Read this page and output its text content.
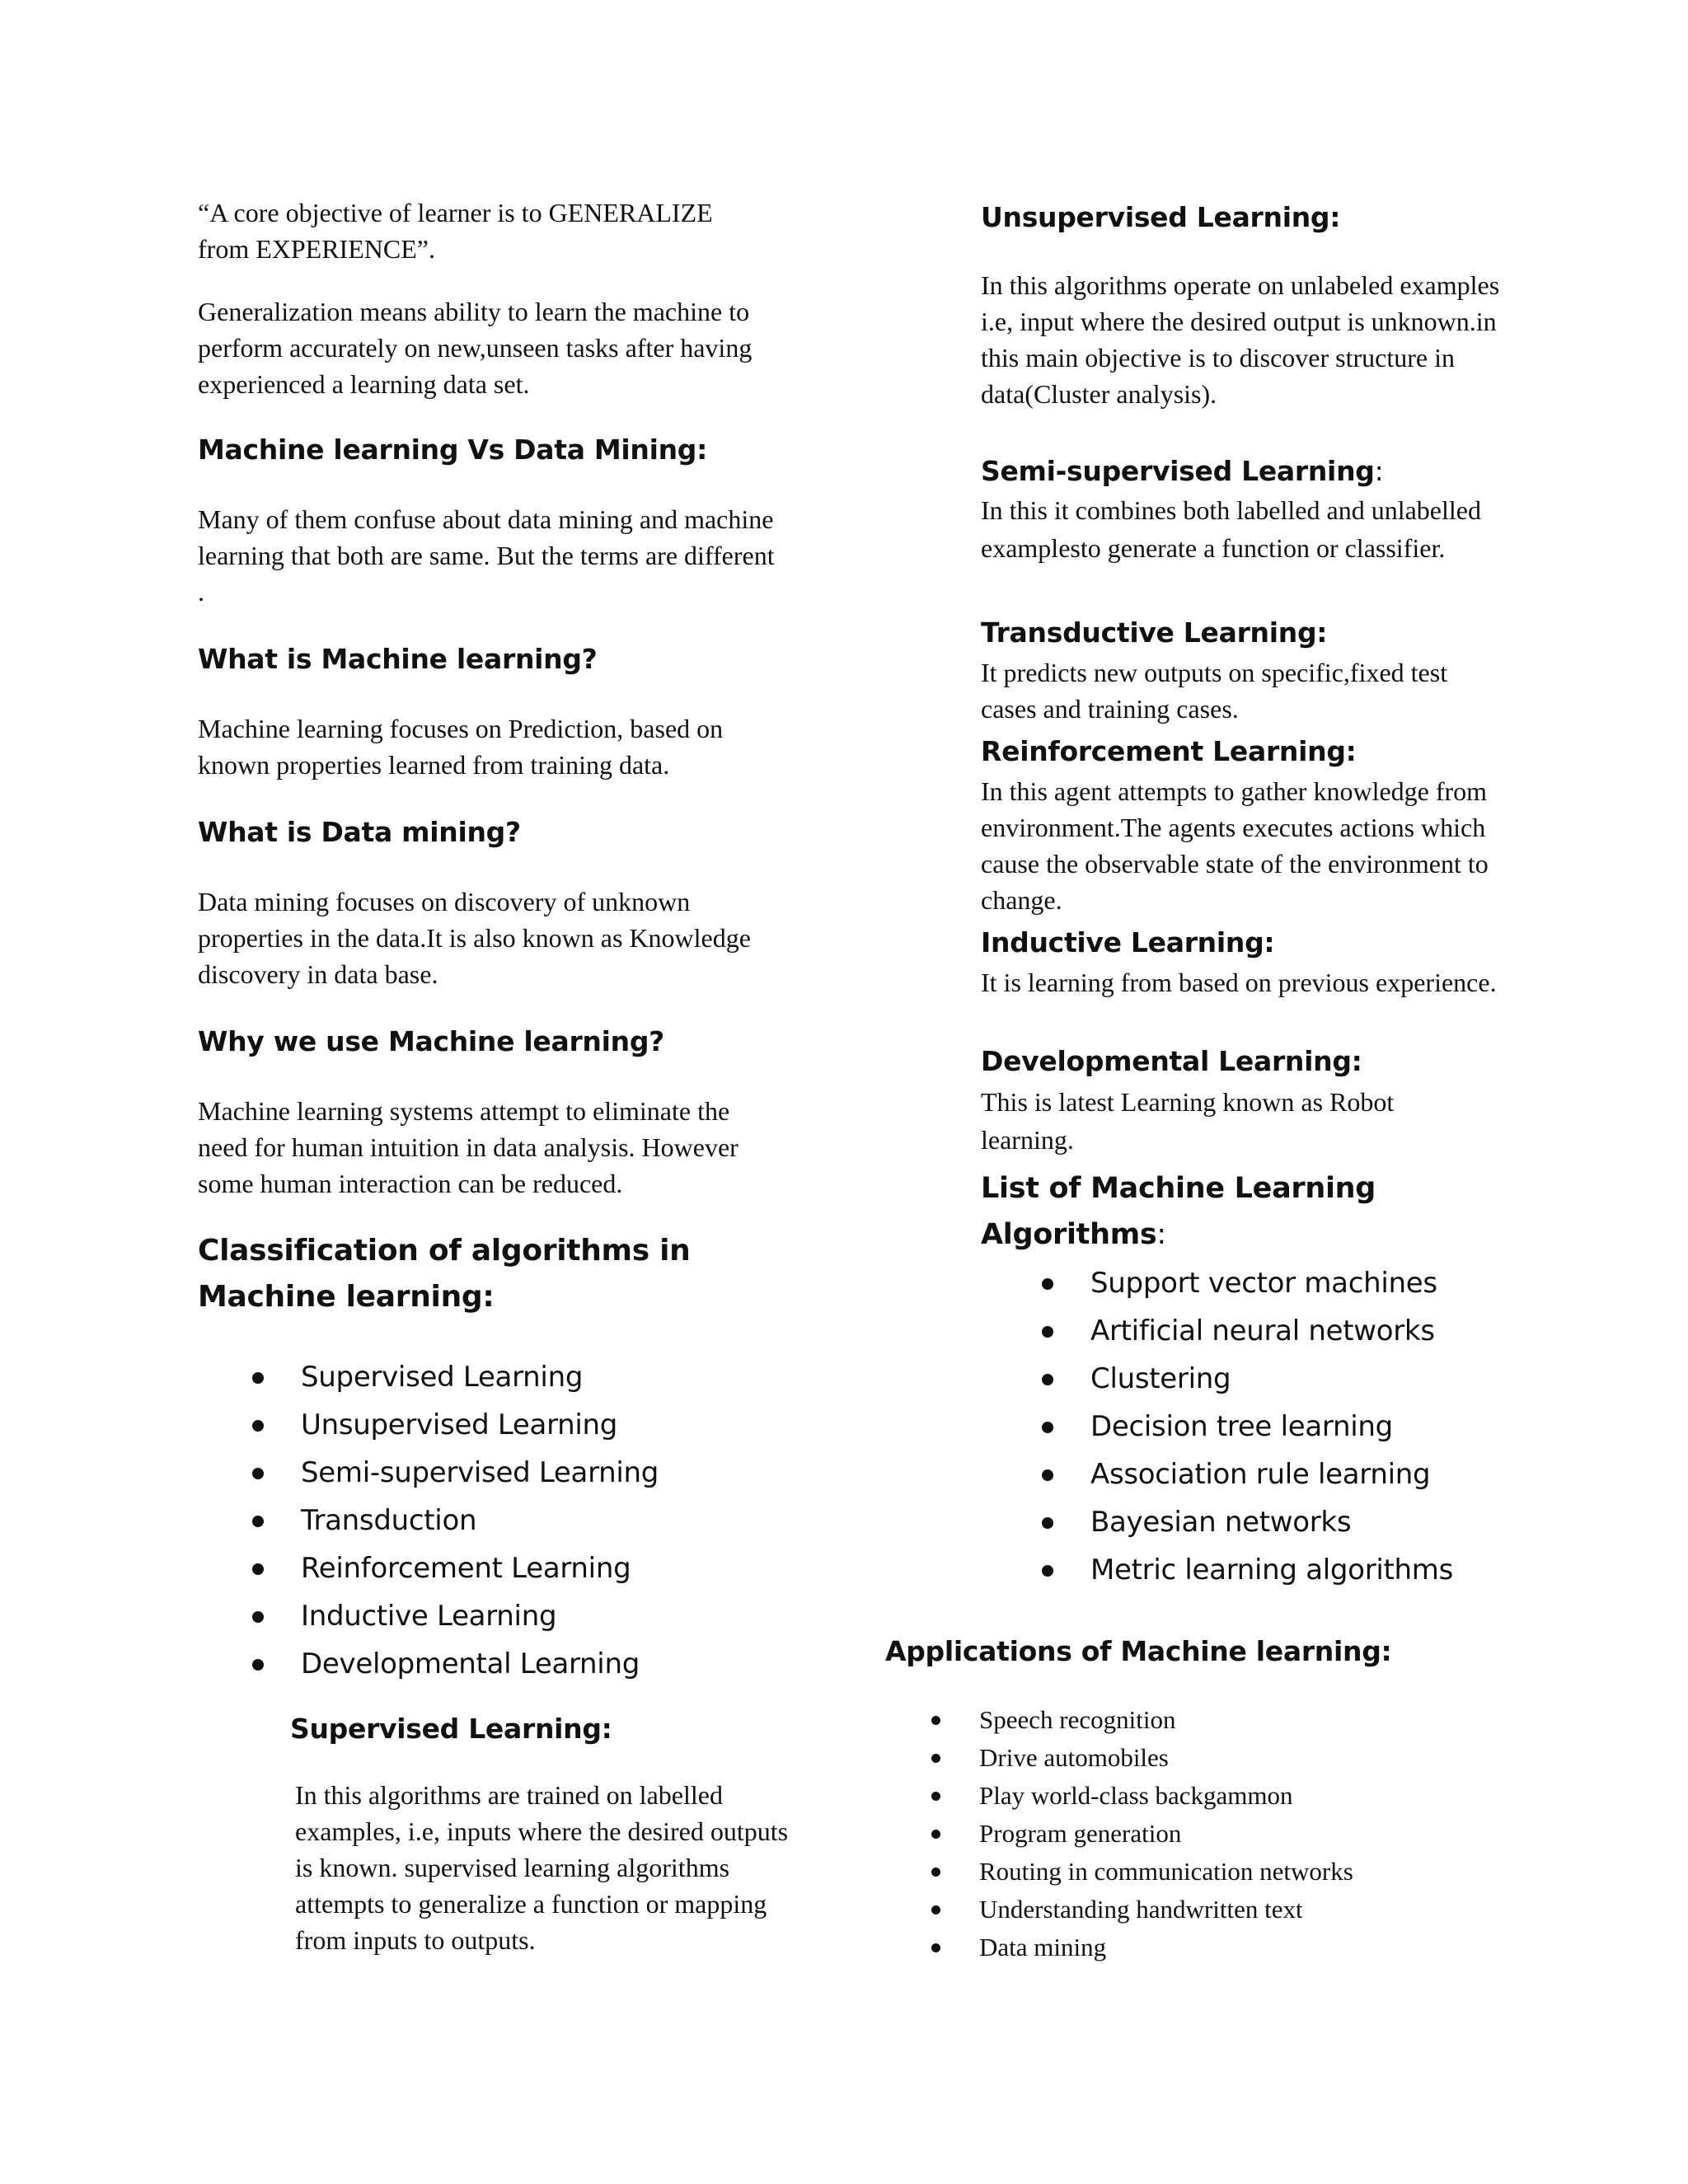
“A core objective of learner is to GENERALIZE from EXPERIENCE”.

Generalization means ability to learn the machine to perform accurately on new,unseen tasks after having experienced a learning data set.

Machine learning Vs Data Mining:

Many of them confuse about data mining and machine learning that both are same. But the terms are different .

What is Machine learning?

Machine learning focuses on Prediction, based on known properties learned from training data.

What is Data mining?

Data mining focuses on discovery of unknown properties in the data.It is also known as Knowledge discovery in data base.

Why we use Machine learning?

Machine learning systems attempt to eliminate the need for human intuition in data analysis. However some human interaction can be reduced.

Classification of algorithms in Machine learning:
Supervised Learning
Unsupervised Learning
Semi-supervised Learning
Transduction
Reinforcement Learning
Inductive Learning
Developmental Learning
Supervised Learning:

In this algorithms are trained on labelled examples, i.e, inputs where the desired outputs is known. supervised learning algorithms attempts to generalize a function or mapping from inputs to outputs.

Unsupervised Learning:

In this algorithms operate on unlabeled examples i.e, input where the desired output is unknown.in this main objective is to discover structure in data(Cluster analysis).

Semi-supervised Learning:

In this it combines both labelled and unlabelled examplesto generate a function or classifier.

Transductive Learning:

It predicts new outputs on specific,fixed test cases and training cases.

Reinforcement Learning:

In this agent attempts to gather knowledge from environment.The agents executes actions which cause the observable state of the environment to change.

Inductive Learning:

It is learning from based on previous experience.

Developmental Learning:

This is latest Learning known as Robot learning.

List of Machine Learning
Algorithms:
Support vector machines
Artificial neural networks
Clustering
Decision tree learning
Association rule learning
Bayesian networks
Metric learning algorithms
Applications of Machine learning:
Speech recognition
Drive automobiles
Play world-class backgammon
Program generation
Routing in communication networks
Understanding handwritten text
Data mining
